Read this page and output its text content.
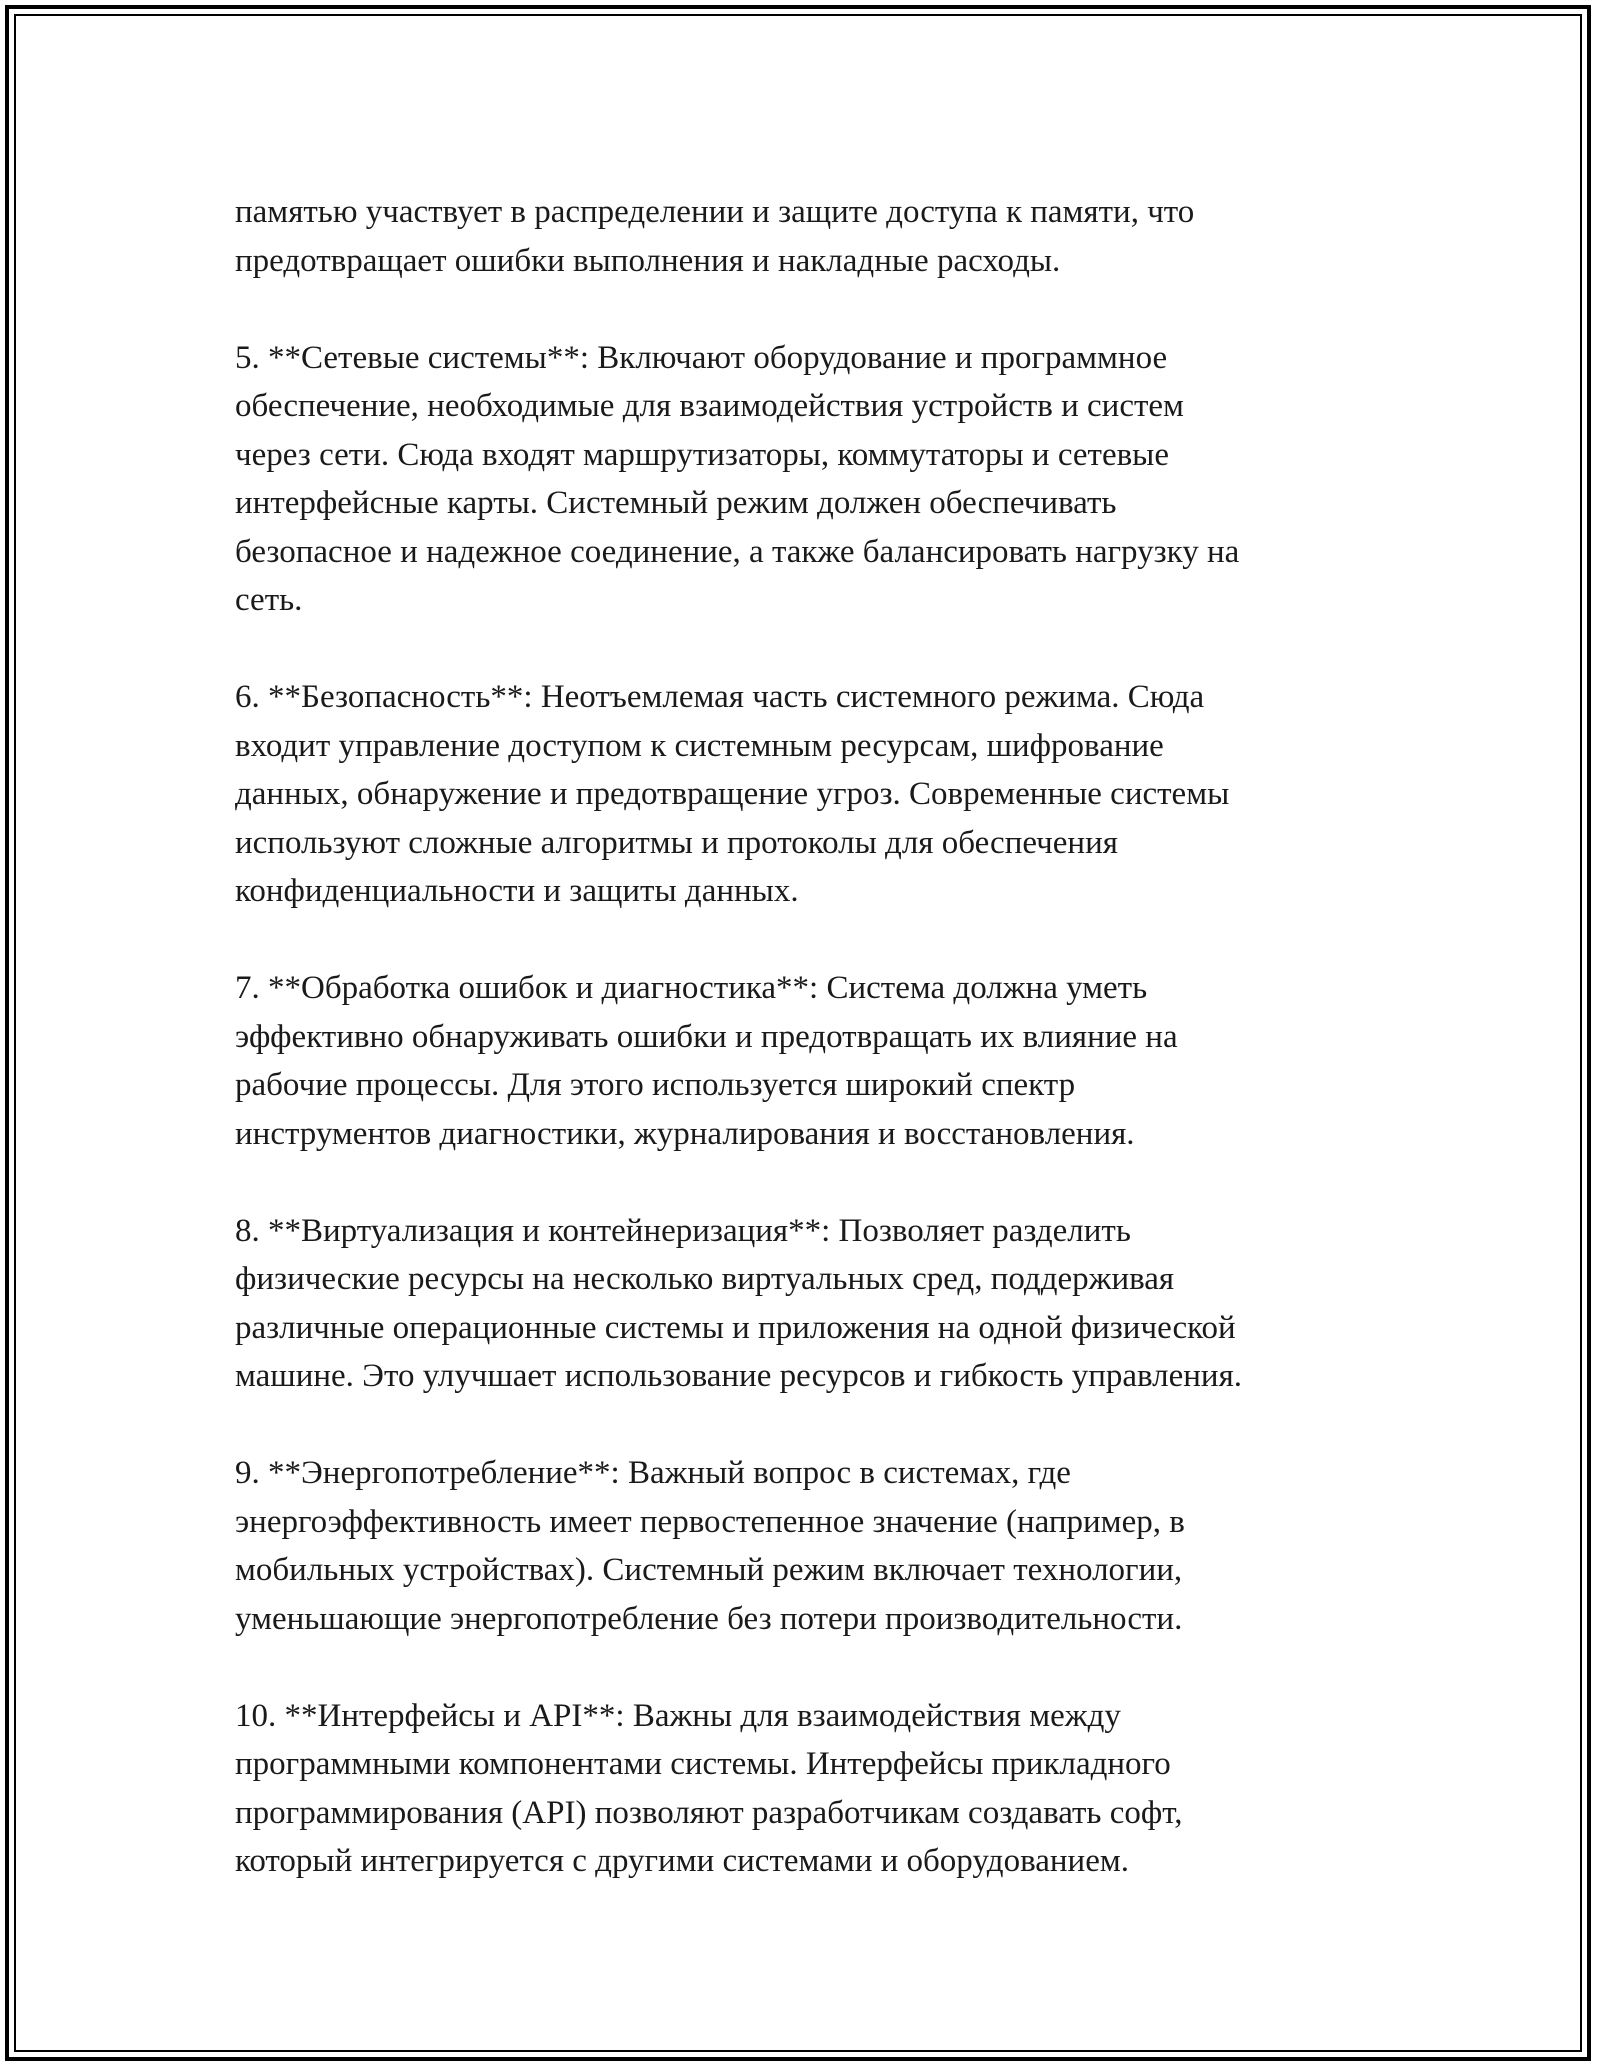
памятью участвует в распределении и защите доступа к памяти, что
предотвращает ошибки выполнения и накладные расходы.
5. **Сетевые системы**: Включают оборудование и программное
обеспечение, необходимые для взаимодействия устройств и систем
через сети. Сюда входят маршрутизаторы, коммутаторы и сетевые
интерфейсные карты. Системный режим должен обеспечивать
безопасное и надежное соединение, а также балансировать нагрузку на
сеть.
6. **Безопасность**: Неотъемлемая часть системного режима. Сюда
входит управление доступом к системным ресурсам, шифрование
данных, обнаружение и предотвращение угроз. Современные системы
используют сложные алгоритмы и протоколы для обеспечения
конфиденциальности и защиты данных.
7. **Обработка ошибок и диагностика**: Система должна уметь
эффективно обнаруживать ошибки и предотвращать их влияние на
рабочие процессы. Для этого используется широкий спектр
инструментов диагностики, журналирования и восстановления.
8. **Виртуализация и контейнеризация**: Позволяет разделить
физические ресурсы на несколько виртуальных сред, поддерживая
различные операционные системы и приложения на одной физической
машине. Это улучшает использование ресурсов и гибкость управления.
9. **Энергопотребление**: Важный вопрос в системах, где
энергоэффективность имеет первостепенное значение (например, в
мобильных устройствах). Системный режим включает технологии,
уменьшающие энергопотребление без потери производительности.
10. **Интерфейсы и API**: Важны для взаимодействия между
программными компонентами системы. Интерфейсы прикладного
программирования (API) позволяют разработчикам создавать софт,
который интегрируется с другими системами и оборудованием.
